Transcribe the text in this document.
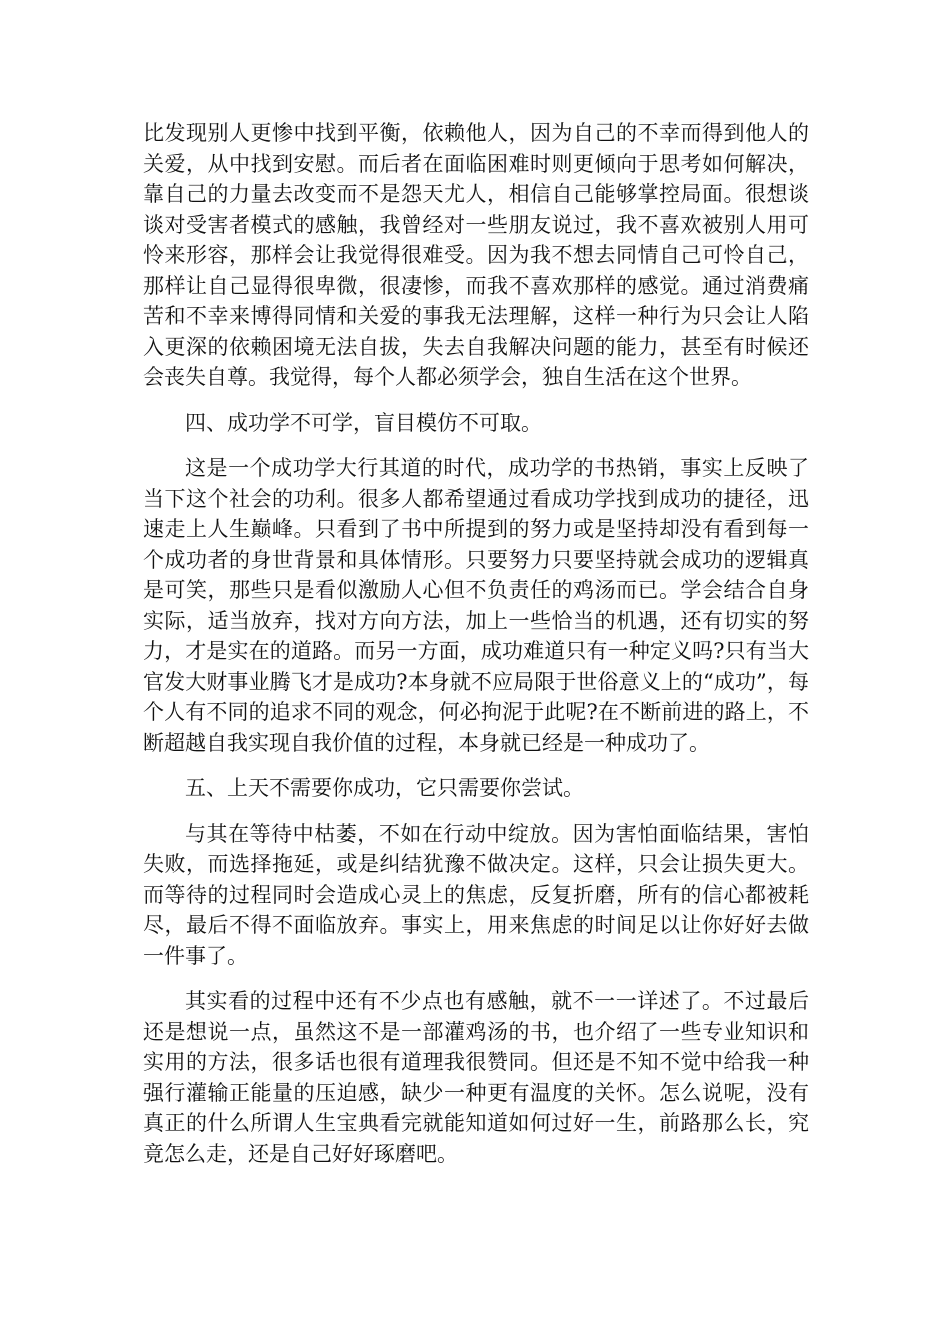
比发现别人更惨中找到平衡，依赖他人，因为自己的不幸而得到他人的关爱，从中找到安慰。而后者在面临困难时则更倾向于思考如何解决，靠自己的力量去改变而不是怨天尤人，相信自己能够掌控局面。很想谈谈对受害者模式的感触，我曾经对一些朋友说过，我不喜欢被别人用可怜来形容，那样会让我觉得很难受。因为我不想去同情自己可怜自己，那样让自己显得很卑微，很凄惨，而我不喜欢那样的感觉。通过消费痛苦和不幸来博得同情和关爱的事我无法理解，这样一种行为只会让人陷入更深的依赖困境无法自拔，失去自我解决问题的能力，甚至有时候还会丧失自尊。我觉得，每个人都必须学会，独自生活在这个世界。

四、成功学不可学，盲目模仿不可取。

这是一个成功学大行其道的时代，成功学的书热销，事实上反映了当下这个社会的功利。很多人都希望通过看成功学找到成功的捷径，迅速走上人生巅峰。只看到了书中所提到的努力或是坚持却没有看到每一个成功者的身世背景和具体情形。只要努力只要坚持就会成功的逻辑真是可笑，那些只是看似激励人心但不负责任的鸡汤而已。学会结合自身实际，适当放弃，找对方向方法，加上一些恰当的机遇，还有切实的努力，才是实在的道路。而另一方面，成功难道只有一种定义吗?只有当大官发大财事业腾飞才是成功?本身就不应局限于世俗意义上的“成功”，每个人有不同的追求不同的观念，何必拘泥于此呢?在不断前进的路上，不断超越自我实现自我价值的过程，本身就已经是一种成功了。

五、上天不需要你成功，它只需要你尝试。

与其在等待中枯萎，不如在行动中绽放。因为害怕面临结果，害怕失败，而选择拖延，或是纠结犹豫不做决定。这样，只会让损失更大。而等待的过程同时会造成心灵上的焦虑，反复折磨，所有的信心都被耗尽，最后不得不面临放弃。事实上，用来焦虑的时间足以让你好好去做一件事了。

其实看的过程中还有不少点也有感触，就不一一详述了。不过最后还是想说一点，虽然这不是一部灌鸡汤的书，也介绍了一些专业知识和实用的方法，很多话也很有道理我很赞同。但还是不知不觉中给我一种强行灌输正能量的压迫感，缺少一种更有温度的关怀。怎么说呢，没有真正的什么所谓人生宝典看完就能知道如何过好一生，前路那么长，究竟怎么走，还是自己好好琢磨吧。
